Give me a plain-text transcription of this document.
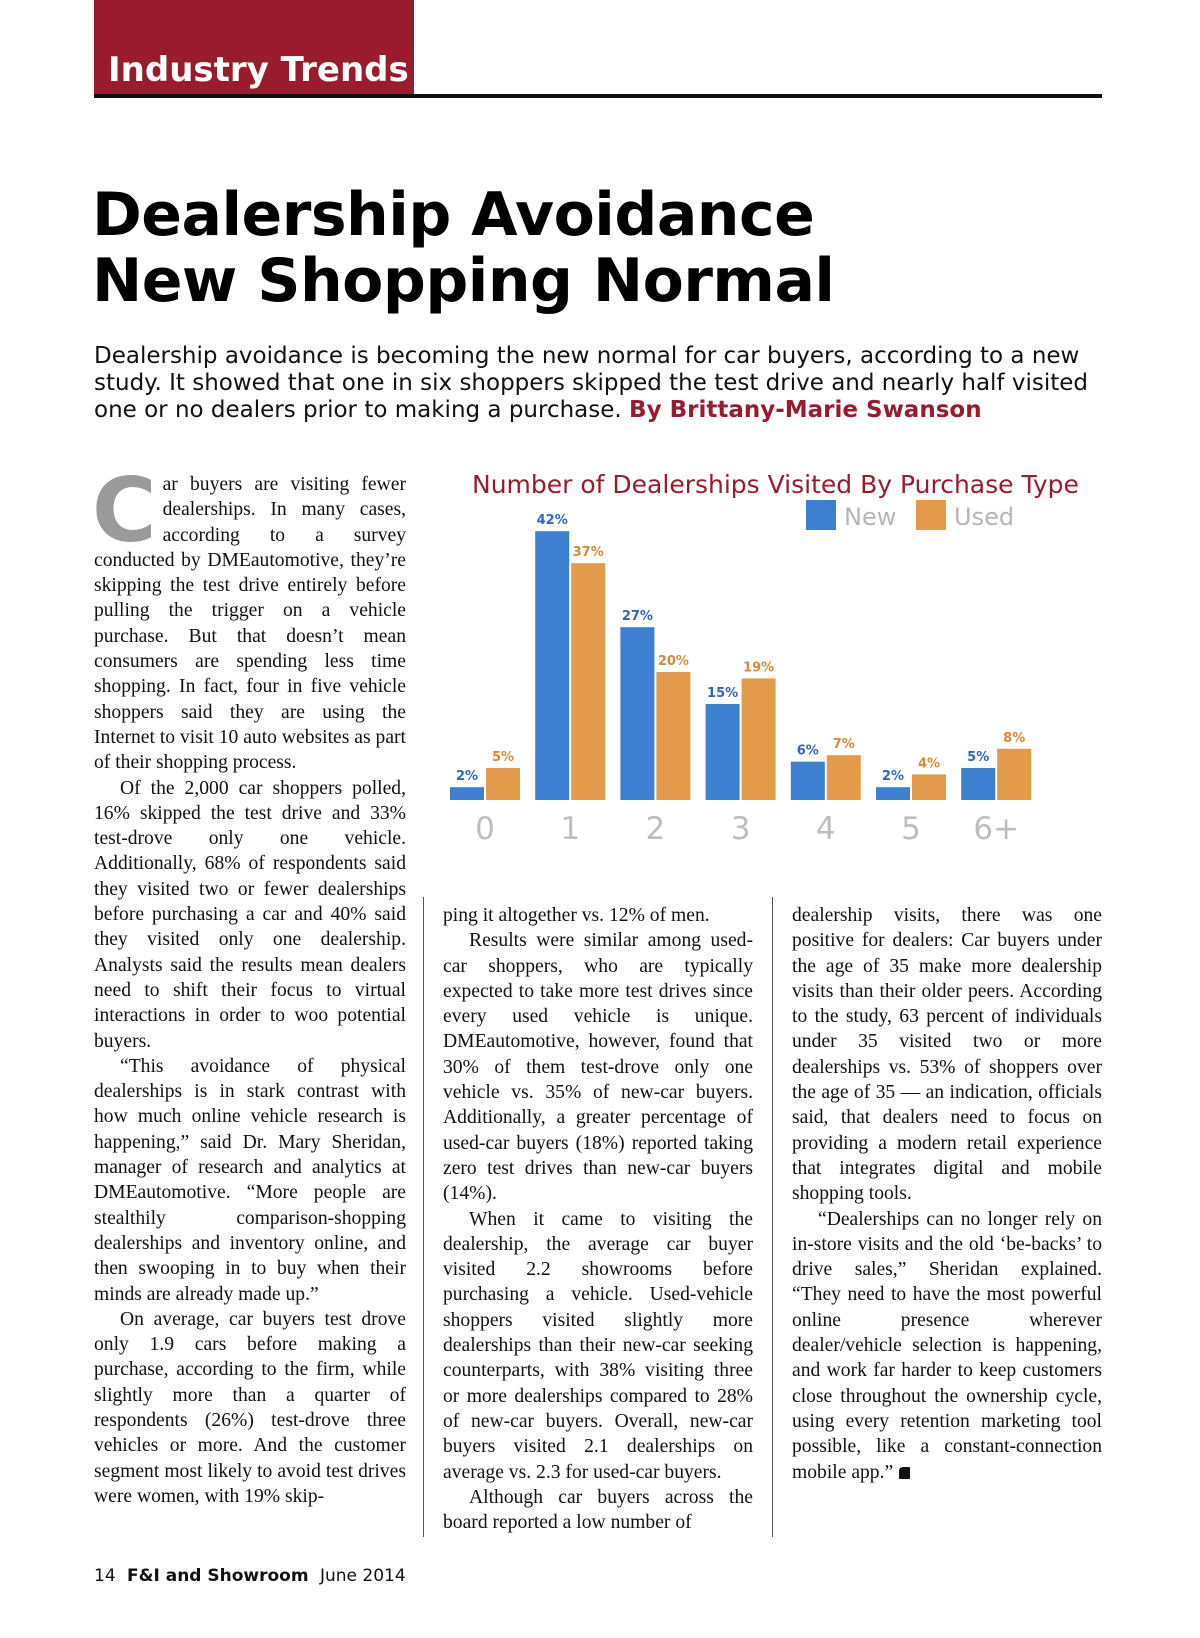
Industry Trends
Dealership Avoidance
New Shopping Normal
Dealership avoidance is becoming the new normal for car buyers, according to a new study. It showed that one in six shoppers skipped the test drive and nearly half visited one or no dealers prior to making a purchase. By Brittany-Marie Swanson

Car buyers are visiting fewer dealerships. In many cases, according to a survey conducted by DMEautomotive, they’re skipping the test drive entirely before pulling the trigger on a vehicle purchase. But that doesn’t mean consumers are spending less time shopping. In fact, four in five vehicle shoppers said they are using the Internet to visit 10 auto websites as part of their shopping process.

Of the 2,000 car shoppers polled, 16% skipped the test drive and 33% test-drove only one vehicle. Additionally, 68% of respondents said they visited two or fewer dealerships before purchasing a car and 40% said they visited only one dealership. Analysts said the results mean dealers need to shift their focus to virtual interactions in order to woo potential buyers.

“This avoidance of physical dealerships is in stark contrast with how much online vehicle research is happening,” said Dr. Mary Sheridan, manager of research and analytics at DMEautomotive. “More people are stealthily comparison-shopping dealerships and inventory online, and then swooping in to buy when their minds are already made up.”

On average, car buyers test drove only 1.9 cars before making a purchase, according to the firm, while slightly more than a quarter of respondents (26%) test-drove three vehicles or more. And the customer segment most likely to avoid test drives were women, with 19% skip-

Number of Dealerships Visited By Purchase Type
2%
5%
0
42%
37%
1
27%
20%
2
15%
19%
3
6% 7%
4
2%
4%
5
5%
8%
6+
New Used

ping it altogether vs. 12% of men.

Results were similar among used-car shoppers, who are typically expected to take more test drives since every used vehicle is unique. DMEautomotive, however, found that 30% of them test-drove only one vehicle vs. 35% of new-car buyers. Additionally, a greater percentage of used-car buyers (18%) reported taking zero test drives than new-car buyers (14%).

When it came to visiting the dealership, the average car buyer visited 2.2 showrooms before purchasing a vehicle. Used-vehicle shoppers visited slightly more dealerships than their new-car seeking counterparts, with 38% visiting three or more dealerships compared to 28% of new-car buyers. Overall, new-car buyers visited 2.1 dealerships on average vs. 2.3 for used-car buyers.

Although car buyers across the board reported a low number of

dealership visits, there was one positive for dealers: Car buyers under the age of 35 make more dealership visits than their older peers. According to the study, 63 percent of individuals under 35 visited two or more dealerships vs. 53% of shoppers over the age of 35 — an indication, officials said, that dealers need to focus on providing a modern retail experience that integrates digital and mobile shopping tools.

“Dealerships can no longer rely on in-store visits and the old ‘be-backs’ to drive sales,” Sheridan explained. “They need to have the most powerful online presence wherever dealer/vehicle selection is happening, and work far harder to keep customers close throughout the ownership cycle, using every retention marketing tool possible, like a constant-connection mobile app.”

14 F&I and Showroom June 2014
